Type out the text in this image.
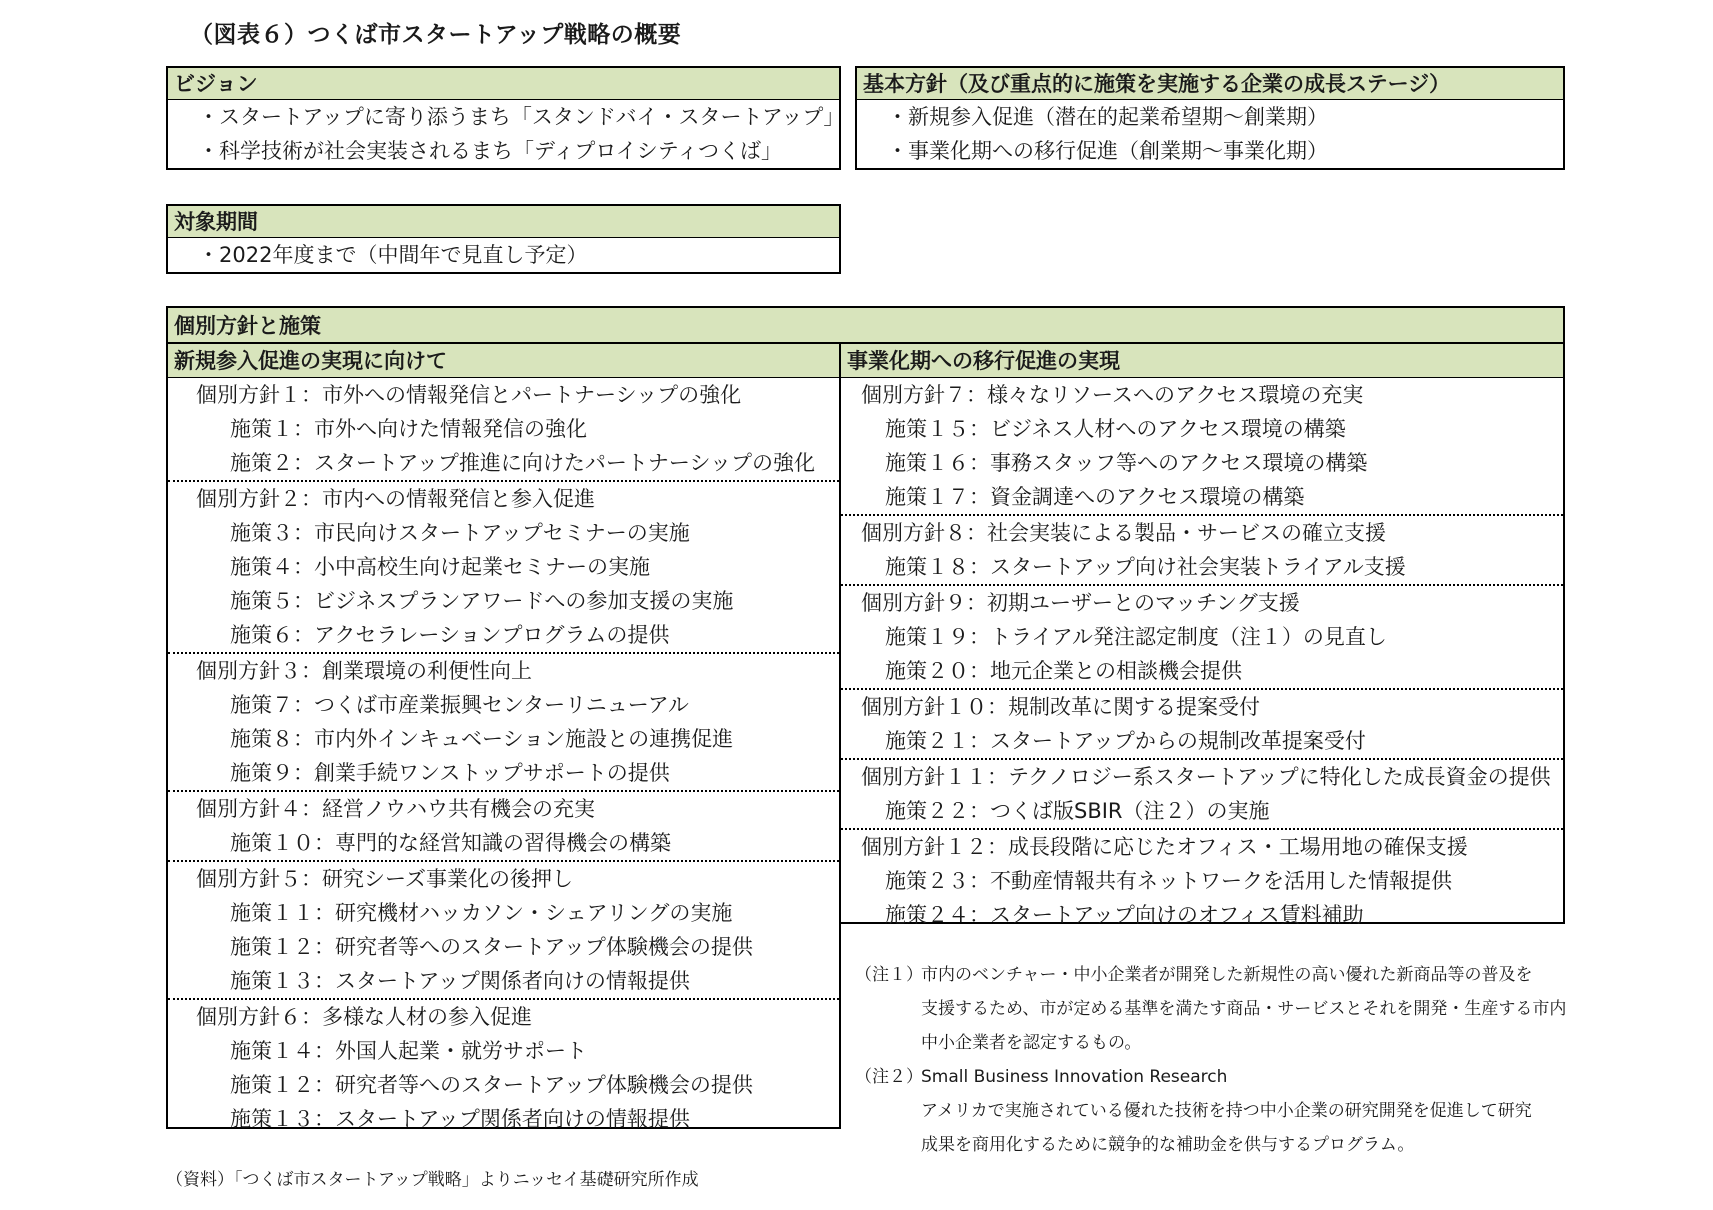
（図表６）つくば市スタートアップ戦略の概要
ビジョン
・スタートアップに寄り添うまち「スタンドバイ・スタートアップ」
・科学技術が社会実装されるまち「ディプロイシティつくば」
基本方針（及び重点的に施策を実施する企業の成長ステージ）
・新規参入促進（潜在的起業希望期～創業期）
・事業化期への移行促進（創業期～事業化期）
対象期間
・2022年度まで（中間年で見直し予定）
個別方針と施策
新規参入促進の実現に向けて
個別方針１：市外への情報発信とパートナーシップの強化
施策１：市外へ向けた情報発信の強化
施策２：スタートアップ推進に向けたパートナーシップの強化
個別方針２：市内への情報発信と参入促進
施策３：市民向けスタートアップセミナーの実施
施策４：小中高校生向け起業セミナーの実施
施策５：ビジネスプランアワードへの参加支援の実施
施策６：アクセラレーションプログラムの提供
個別方針３：創業環境の利便性向上
施策７：つくば市産業振興センターリニューアル
施策８：市内外インキュベーション施設との連携促進
施策９：創業手続ワンストップサポートの提供
個別方針４：経営ノウハウ共有機会の充実
施策１０：専門的な経営知識の習得機会の構築
個別方針５：研究シーズ事業化の後押し
施策１１：研究機材ハッカソン・シェアリングの実施
施策１２：研究者等へのスタートアップ体験機会の提供
施策１３：スタートアップ関係者向けの情報提供
個別方針６：多様な人材の参入促進
施策１４：外国人起業・就労サポート
施策１２：研究者等へのスタートアップ体験機会の提供
施策１３：スタートアップ関係者向けの情報提供
事業化期への移行促進の実現
個別方針７：様々なリソースへのアクセス環境の充実
施策１５：ビジネス人材へのアクセス環境の構築
施策１６：事務スタッフ等へのアクセス環境の構築
施策１７：資金調達へのアクセス環境の構築
個別方針８：社会実装による製品・サービスの確立支援
施策１８：スタートアップ向け社会実装トライアル支援
個別方針９：初期ユーザーとのマッチング支援
施策１９：トライアル発注認定制度（注１）の見直し
施策２０：地元企業との相談機会提供
個別方針１０：規制改革に関する提案受付
施策２１：スタートアップからの規制改革提案受付
個別方針１１：テクノロジー系スタートアップに特化した成長資金の提供
施策２２：つくば版SBIR（注２）の実施
個別方針１２：成長段階に応じたオフィス・工場用地の確保支援
施策２３：不動産情報共有ネットワークを活用した情報提供
施策２４：スタートアップ向けのオフィス賃料補助
（注１）
市内のベンチャー・中小企業者が開発した新規性の高い優れた新商品等の普及を
支援するため、市が定める基準を満たす商品・サービスとそれを開発・生産する市内
中小企業者を認定するもの。
（注２）
Small Business Innovation Research
アメリカで実施されている優れた技術を持つ中小企業の研究開発を促進して研究
成果を商用化するために競争的な補助金を供与するプログラム。
（資料）「つくば市スタートアップ戦略」よりニッセイ基礎研究所作成
